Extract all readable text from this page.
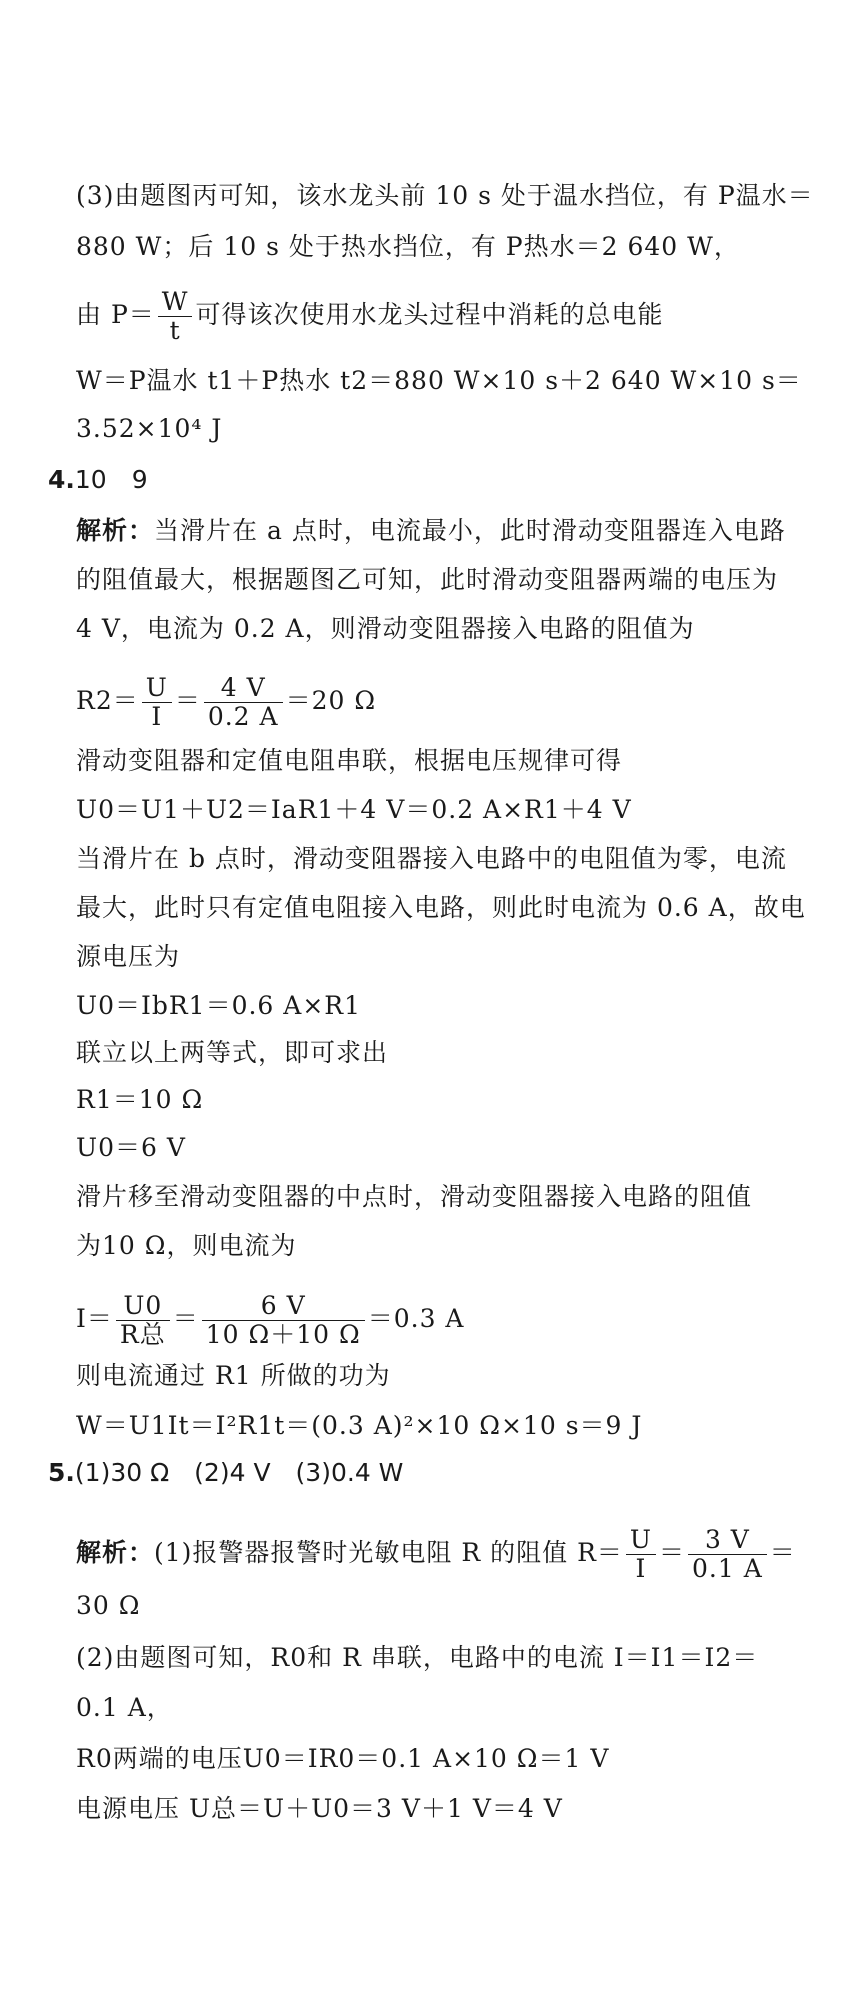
(3)由题图丙可知，该水龙头前 10 s 处于温水挡位，有 P温水＝
880 W；后 10 s 处于热水挡位，有 P热水＝2 640 W，
由 $P= \frac{W}{t}$ 可得该次使用水龙头过程中消耗的总电能
W＝P温水 t1＋P热水 t2＝880 W×10 s＋2 640 W×10 s＝
3.52×10⁴ J
4.10　9
解析：当滑片在 a 点时，电流最小，此时滑动变阻器连入电路
的阻值最大，根据题图乙可知，此时滑动变阻器两端的电压为
4 V，电流为 0.2 A，则滑动变阻器接入电路的阻值为
$R2= \frac{U}{I} = \frac{4 V}{0.2 A} =20$ Ω
滑动变阻器和定值电阻串联，根据电压规律可得
U0＝U1＋U2＝IaR1＋4 V＝0.2 A×R1＋4 V
当滑片在 b 点时，滑动变阻器接入电路中的电阻值为零，电流
最大，此时只有定值电阻接入电路，则此时电流为 0.6 A，故电
源电压为
U0＝IbR1＝0.6 A×R1
联立以上两等式，即可求出
R1＝10 Ω
U0＝6 V
滑片移至滑动变阻器的中点时，滑动变阻器接入电路的阻值
为10 Ω，则电流为
$I= \frac{U0}{\text{R总}} = \frac{6 V}{10 \Omega+10 \Omega} =0.3$ A
则电流通过 R1 所做的功为
W＝U1It＝I²R1t＝(0.3 A)²×10 Ω×10 s＝9 J
5.(1)30 Ω　(2)4 V　(3)0.4 W
解析：(1)报警器报警时光敏电阻 R 的阻值 $R= \frac{U}{I} = \frac{3 V}{0.1 A}$ ＝
30 Ω
(2)由题图可知，R0和 R 串联，电路中的电流 I＝I1＝I2＝
0.1 A，
R0两端的电压U0＝IR0＝0.1 A×10 Ω＝1 V
电源电压 U总＝U＋U0＝3 V＋1 V＝4 V
